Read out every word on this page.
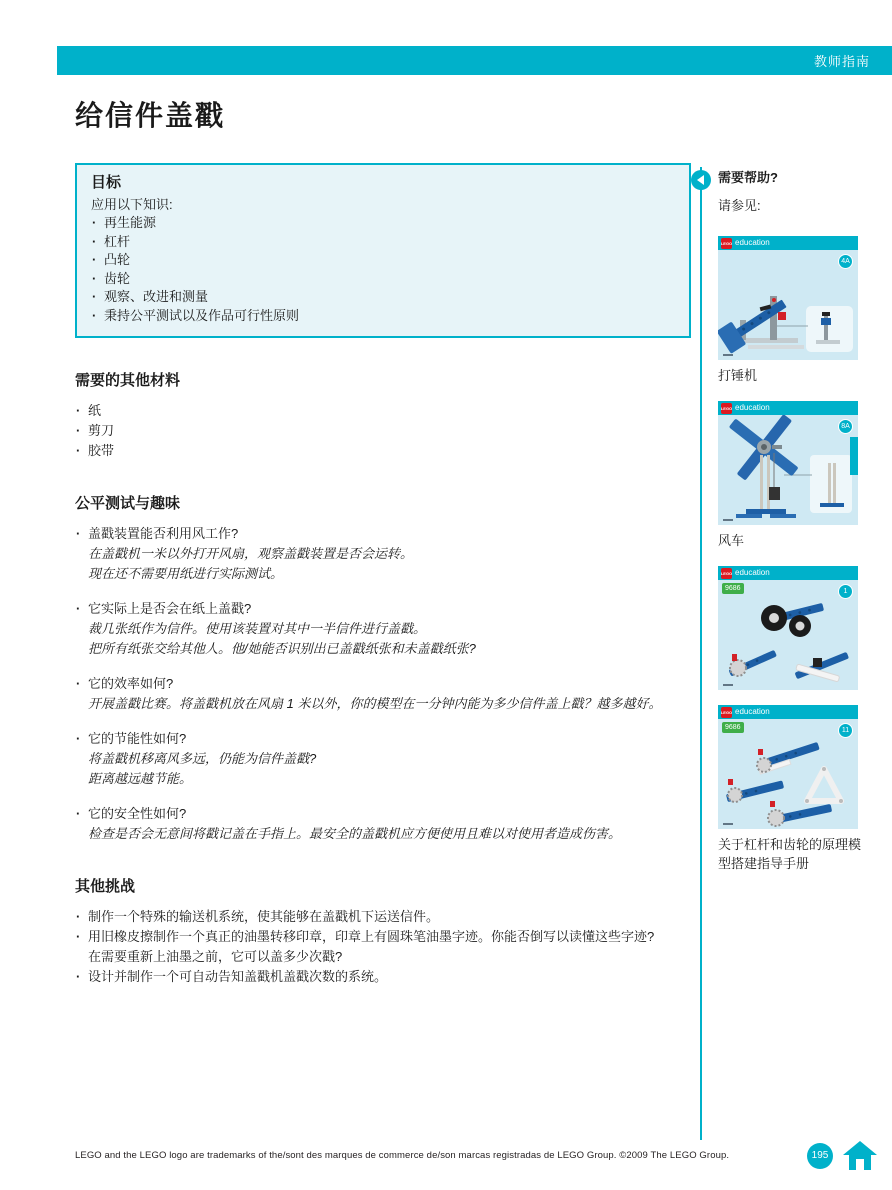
教师指南
给信件盖戳
目标
应用以下知识:
· 再生能源
· 杠杆
· 凸轮
· 齿轮
· 观察、改进和测量
· 秉持公平测试以及作品可行性原则
需要的其他材料
· 纸
· 剪刀
· 胶带
公平测试与趣味
· 盖戳装置能否利用风工作?
在盖戳机一米以外打开风扇，观察盖戳装置是否会运转。
现在还不需要用纸进行实际测试。
· 它实际上是否会在纸上盖戳?
裁几张纸作为信件。使用该装置对其中一半信件进行盖戳。
把所有纸张交给其他人。他/她能否识别出已盖戳纸张和未盖戳纸张?
· 它的效率如何?
开展盖戳比赛。将盖戳机放在风扇 1 米以外，你的模型在一分钟内能为多少信件盖上戳？越多越好。
· 它的节能性如何?
将盖戳机移离风多远，仍能为信件盖戳?
距离越远越节能。
· 它的安全性如何?
检查是否会无意间将戳记盖在手指上。最安全的盖戳机应方便使用且难以对使用者造成伤害。
其他挑战
· 制作一个特殊的输送机系统，使其能够在盖戳机下运送信件。
· 用旧橡皮擦制作一个真正的油墨转移印章，印章上有圆珠笔油墨字迹。你能否倒写以读懂这些字迹?
在需要重新上油墨之前，它可以盖多少次戳?
· 设计并制作一个可自动告知盖戳机盖戳次数的系统。
需要帮助?
请参见:
LEGO education
4A
打锤机
LEGO education
8A
风车
LEGO education
9686	1
LEGO education
9686	11
关于杠杆和齿轮的原理模型搭建指导手册
LEGO and the LEGO logo are trademarks of the/sont des marques de commerce de/son marcas registradas de LEGO Group. ©2009 The LEGO Group.	195
